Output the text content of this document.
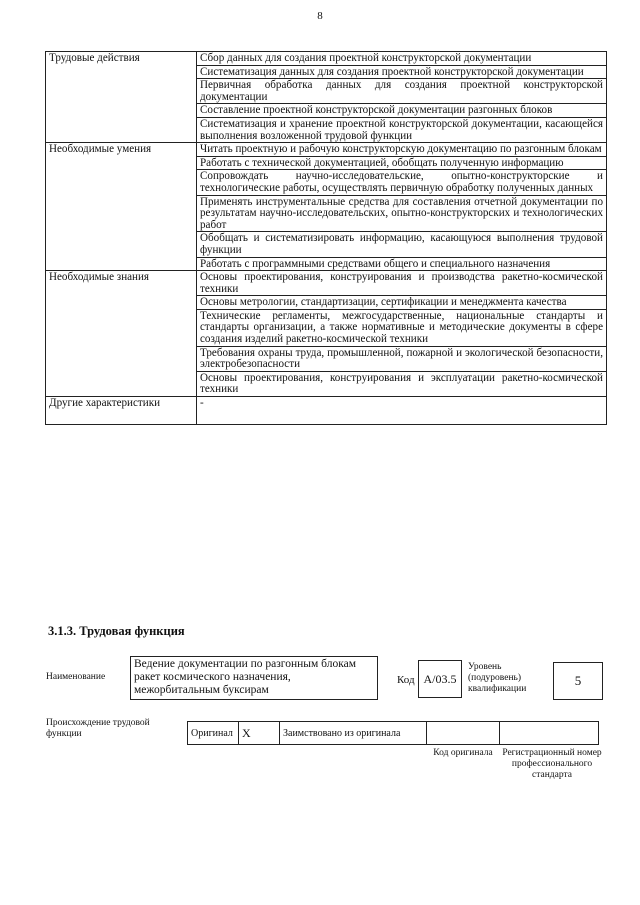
8
Трудовые действия	Сбор данных для создания проектной конструкторской документации
	Систематизация данных для создания проектной конструкторской документации
	Первичная обработка данных для создания проектной конструкторской документации
	Составление проектной конструкторской документации разгонных блоков
	Систематизация и хранение проектной конструкторской документации, касающейся выполнения возложенной трудовой функции
Необходимые умения	Читать проектную и рабочую конструкторскую документацию по разгонным блокам
	Работать с технической документацией, обобщать полученную информацию
	Сопровождать научно-исследовательские, опытно-конструкторские и технологические работы, осуществлять первичную обработку полученных данных
	Применять инструментальные средства для составления отчетной документации по результатам научно-исследовательских, опытно-конструкторских и технологических работ
	Обобщать и систематизировать информацию, касающуюся выполнения трудовой функции
	Работать с программными средствами общего и специального назначения
Необходимые знания	Основы проектирования, конструирования и производства ракетно-космической техники
	Основы метрологии, стандартизации, сертификации и менеджмента качества
	Технические регламенты, межгосударственные, национальные стандарты и стандарты организации, а также нормативные и методические документы в сфере создания изделий ракетно-космической техники
	Требования охраны труда, промышленной, пожарной и экологической безопасности, электробезопасности
	Основы проектирования, конструирования и эксплуатации ракетно-космической техники
Другие характеристики	-
3.1.3. Трудовая функция
Наименование
Ведение документации по разгонным блокам ракет космического назначения, межорбитальным буксирам
Код А/03.5
Уровень (подуровень) квалификации
5
Происхождение трудовой функции	Оригинал X	Заимствовано из оригинала
Код оригинала Регистрационный номер профессионального стандарта
